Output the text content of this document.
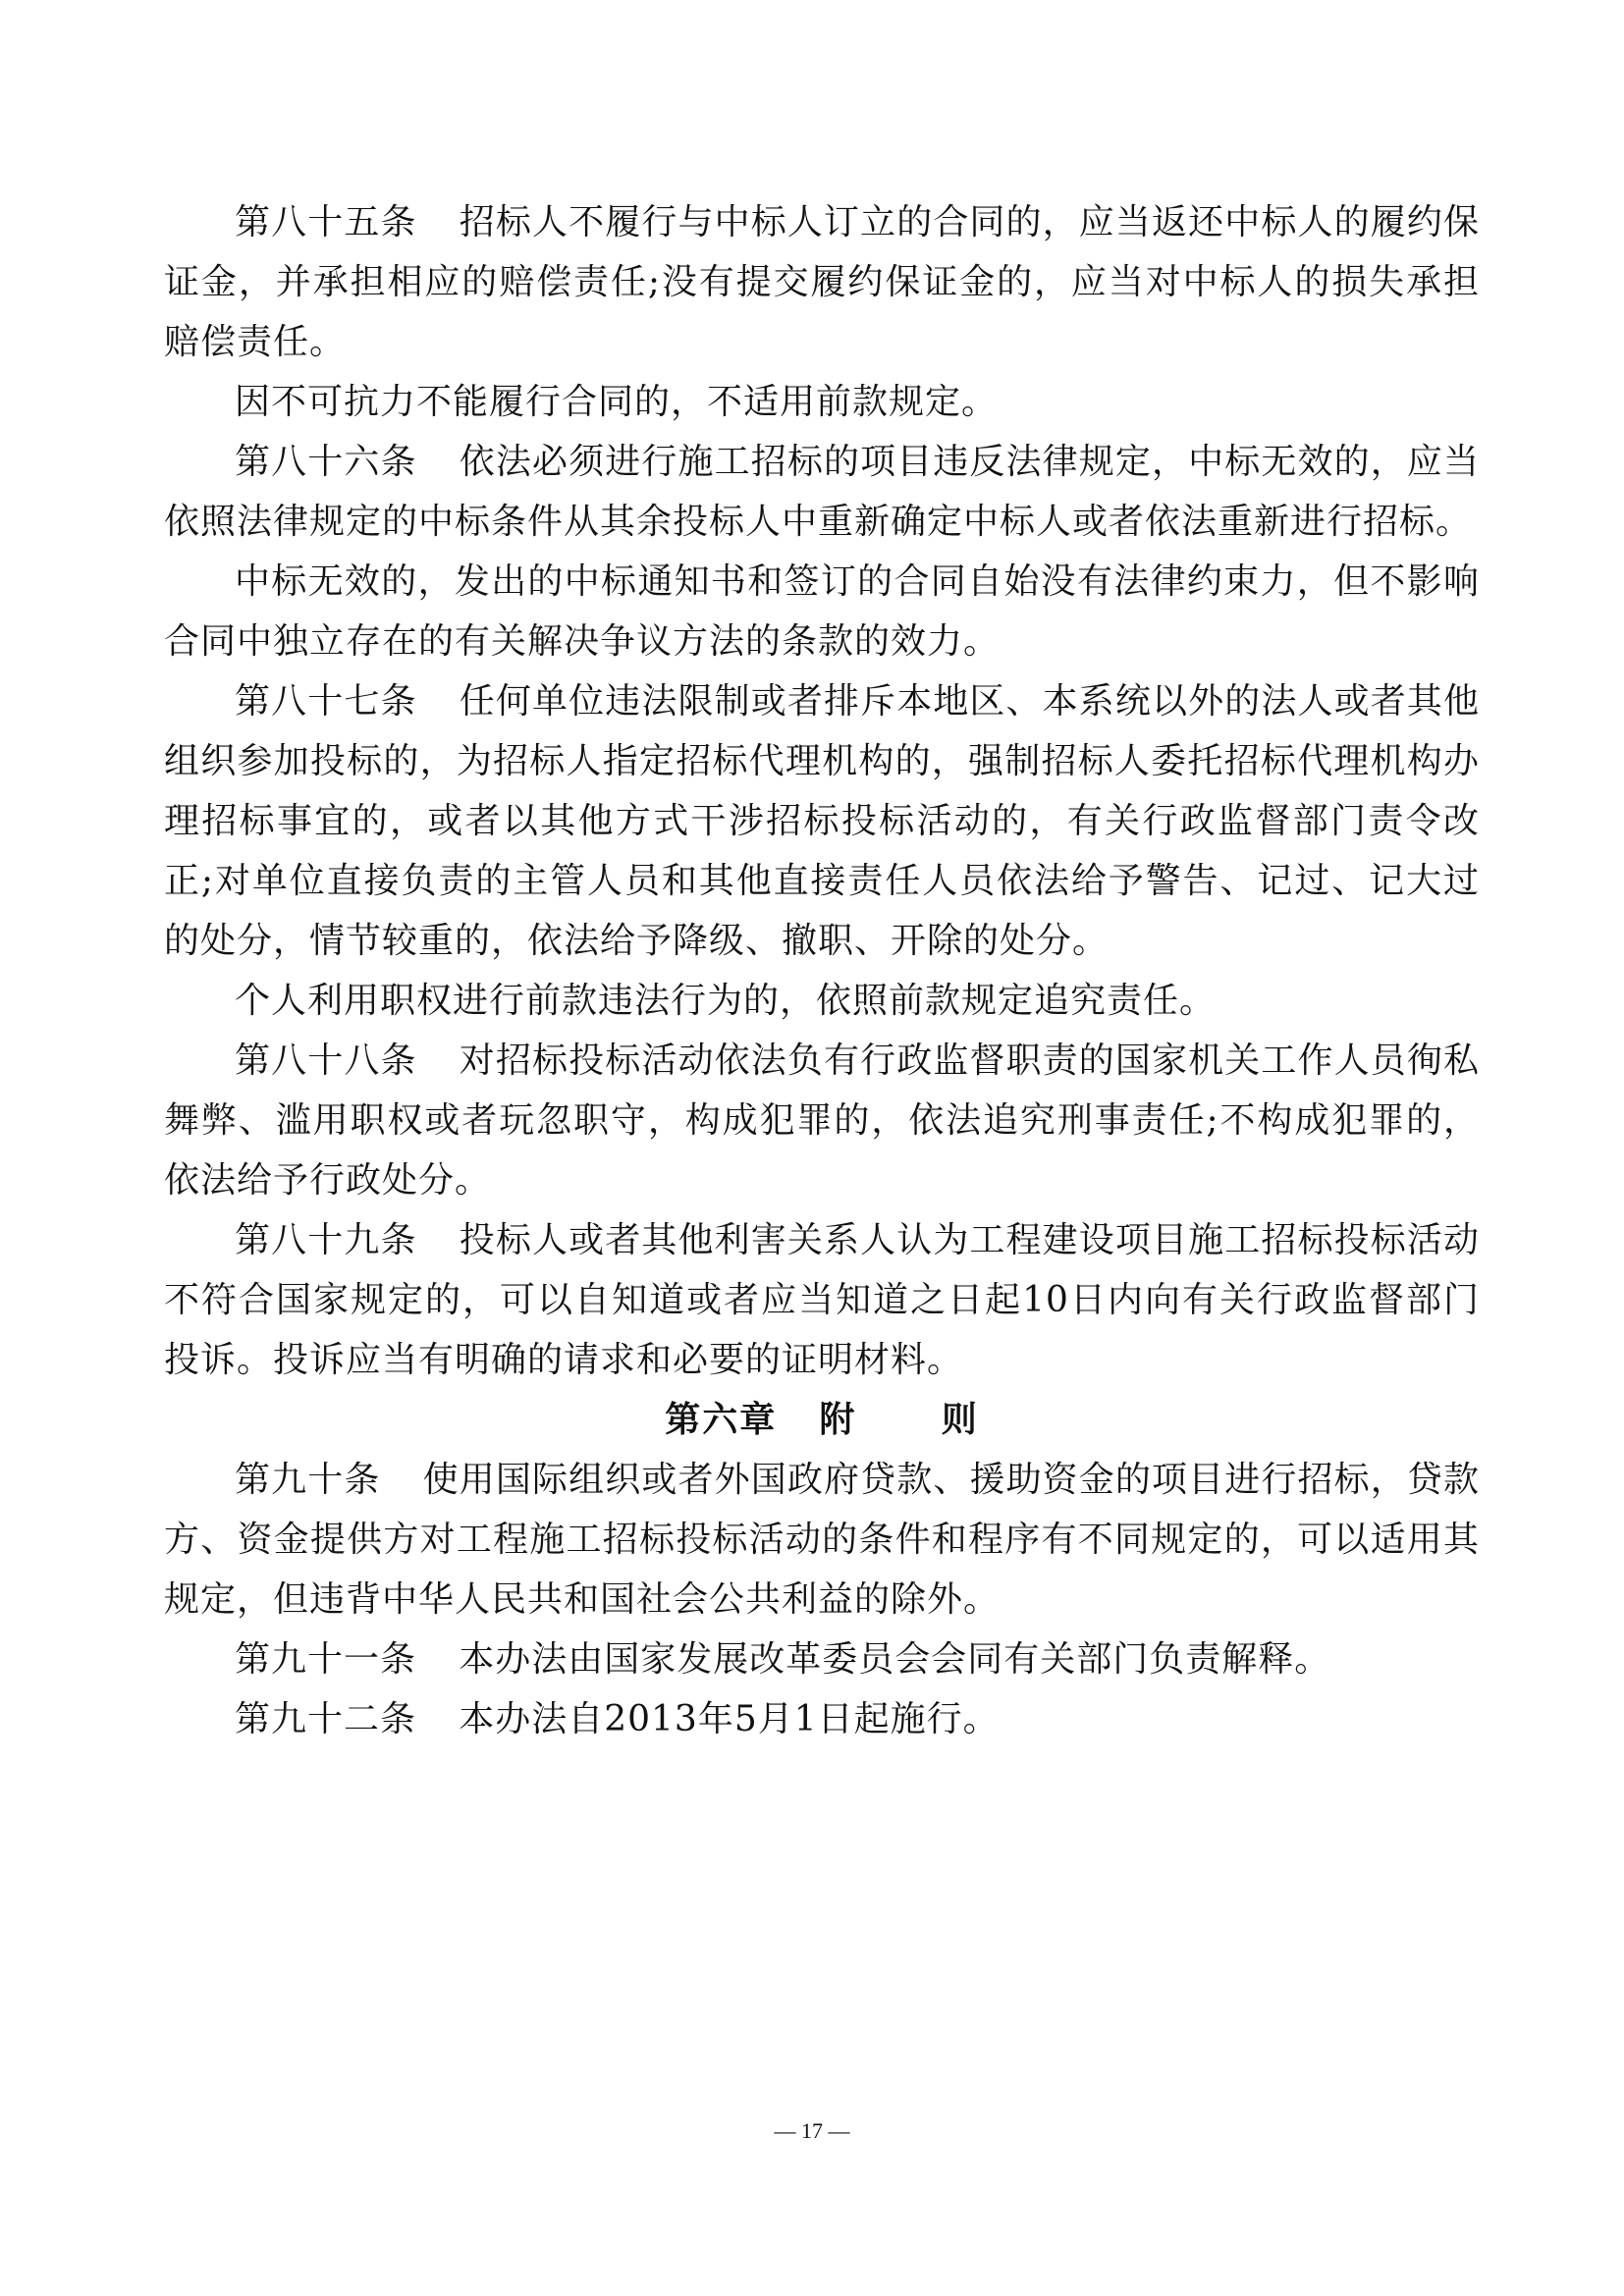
第八十五条 招标人不履行与中标人订立的合同的，应当返还中标人的履约保证金，并承担相应的赔偿责任;没有提交履约保证金的，应当对中标人的损失承担赔偿责任。

因不可抗力不能履行合同的，不适用前款规定。

第八十六条 依法必须进行施工招标的项目违反法律规定，中标无效的，应当依照法律规定的中标条件从其余投标人中重新确定中标人或者依法重新进行招标。

中标无效的，发出的中标通知书和签订的合同自始没有法律约束力，但不影响合同中独立存在的有关解决争议方法的条款的效力。

第八十七条 任何单位违法限制或者排斥本地区、本系统以外的法人或者其他组织参加投标的，为招标人指定招标代理机构的，强制招标人委托招标代理机构办理招标事宜的，或者以其他方式干涉招标投标活动的，有关行政监督部门责令改正;对单位直接负责的主管人员和其他直接责任人员依法给予警告、记过、记大过的处分，情节较重的，依法给予降级、撤职、开除的处分。

个人利用职权进行前款违法行为的，依照前款规定追究责任。

第八十八条 对招标投标活动依法负有行政监督职责的国家机关工作人员徇私舞弊、滥用职权或者玩忽职守，构成犯罪的，依法追究刑事责任;不构成犯罪的，依法给予行政处分。

第八十九条 投标人或者其他利害关系人认为工程建设项目施工招标投标活动不符合国家规定的，可以自知道或者应当知道之日起10日内向有关行政监督部门投诉。投诉应当有明确的请求和必要的证明材料。

第六章 附 则

第九十条 使用国际组织或者外国政府贷款、援助资金的项目进行招标，贷款方、资金提供方对工程施工招标投标活动的条件和程序有不同规定的，可以适用其规定，但违背中华人民共和国社会公共利益的除外。

第九十一条 本办法由国家发展改革委员会会同有关部门负责解释。

第九十二条 本办法自2013年5月1日起施行。

— 17 —
